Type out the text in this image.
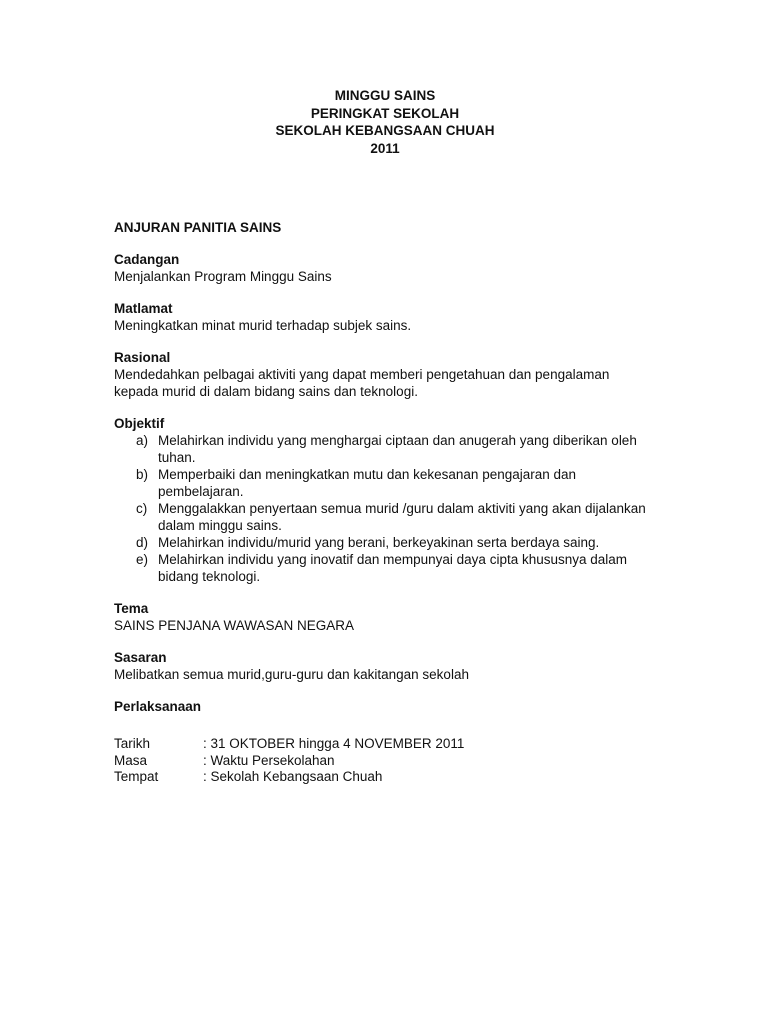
MINGGU SAINS
PERINGKAT SEKOLAH
SEKOLAH KEBANGSAAN CHUAH
2011
ANJURAN PANITIA SAINS
Cadangan
Menjalankan Program Minggu Sains
Matlamat
Meningkatkan minat murid terhadap subjek sains.
Rasional
Mendedahkan pelbagai aktiviti yang dapat memberi pengetahuan dan pengalaman kepada murid di dalam bidang sains dan teknologi.
Objektif
a) Melahirkan individu yang menghargai ciptaan dan anugerah yang diberikan oleh tuhan.
b) Memperbaiki dan meningkatkan mutu dan kekesanan pengajaran dan pembelajaran.
c) Menggalakkan penyertaan semua murid /guru dalam aktiviti yang akan dijalankan dalam minggu sains.
d) Melahirkan individu/murid yang berani, berkeyakinan serta berdaya saing.
e) Melahirkan individu yang inovatif dan mempunyai daya cipta khususnya dalam bidang teknologi.
Tema
SAINS PENJANA WAWASAN NEGARA
Sasaran
Melibatkan semua murid,guru-guru dan kakitangan sekolah
Perlaksanaan
Tarikh	: 31 OKTOBER hingga 4 NOVEMBER 2011
Masa	: Waktu Persekolahan
Tempat	: Sekolah Kebangsaan Chuah
